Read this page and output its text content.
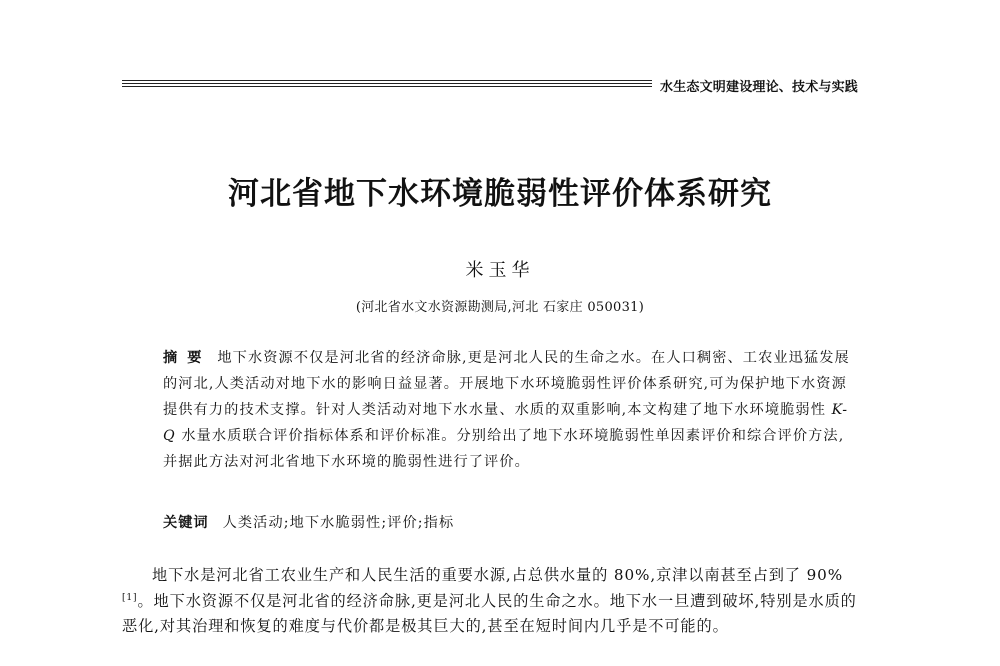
水生态文明建设理论、技术与实践
河北省地下水环境脆弱性评价体系研究
米玉华
(河北省水文水资源勘测局,河北 石家庄 050031)
摘要 地下水资源不仅是河北省的经济命脉,更是河北人民的生命之水。在人口稠密、工农业迅猛发展的河北,人类活动对地下水的影响日益显著。开展地下水环境脆弱性评价体系研究,可为保护地下水资源提供有力的技术支撑。针对人类活动对地下水水量、水质的双重影响,本文构建了地下水环境脆弱性 K-Q 水量水质联合评价指标体系和评价标准。分别给出了地下水环境脆弱性单因素评价和综合评价方法,并据此方法对河北省地下水环境的脆弱性进行了评价。
关键词 人类活动;地下水脆弱性;评价;指标

地下水是河北省工农业生产和人民生活的重要水源,占总供水量的 80%,京津以南甚至占到了 90%[1]。地下水资源不仅是河北省的经济命脉,更是河北人民的生命之水。地下水一旦遭到破坏,特别是水质的恶化,对其治理和恢复的难度与代价都是极其巨大的,甚至在短时间内几乎是不可能的。
